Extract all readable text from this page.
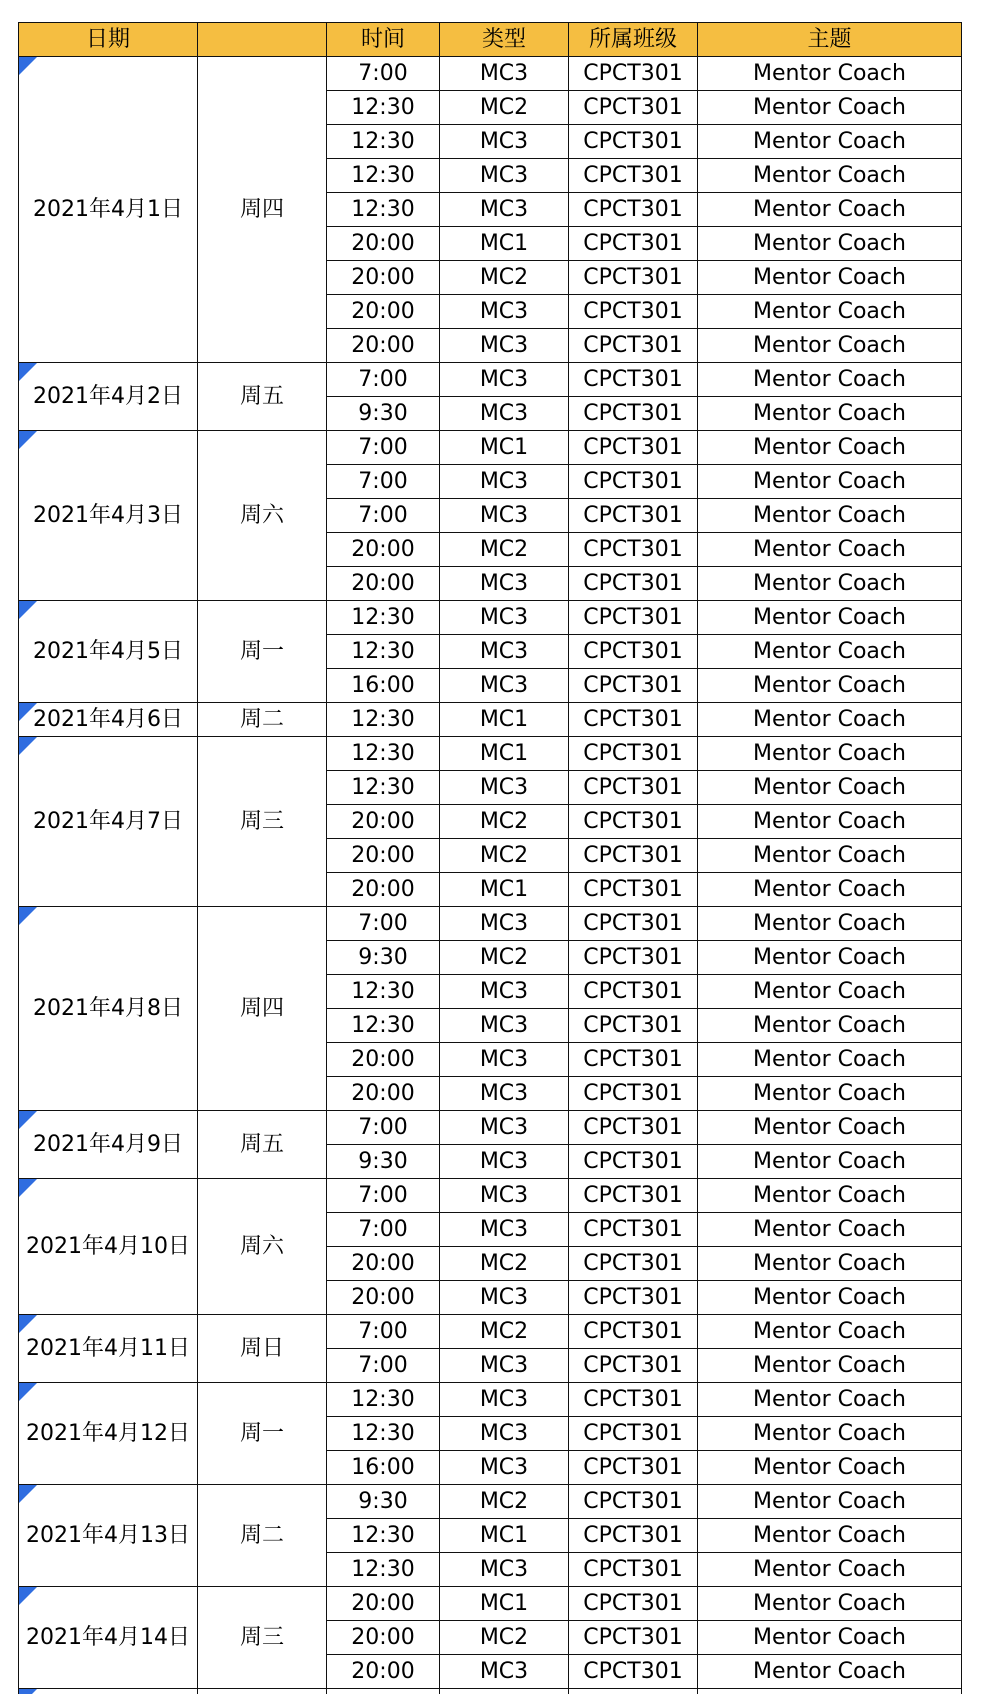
日期		时间	类型	所属班级	主题

2021年4月1日	周四	7:00	MC3	CPCT301	Mentor Coach
		12:30	MC2	CPCT301	Mentor Coach
		12:30	MC3	CPCT301	Mentor Coach
		12:30	MC3	CPCT301	Mentor Coach
		12:30	MC3	CPCT301	Mentor Coach
		20:00	MC1	CPCT301	Mentor Coach
		20:00	MC2	CPCT301	Mentor Coach
		20:00	MC3	CPCT301	Mentor Coach
		20:00	MC3	CPCT301	Mentor Coach

2021年4月2日	周五	7:00	MC3	CPCT301	Mentor Coach
		9:30	MC3	CPCT301	Mentor Coach

2021年4月3日	周六	7:00	MC1	CPCT301	Mentor Coach
		7:00	MC3	CPCT301	Mentor Coach
		7:00	MC3	CPCT301	Mentor Coach
		20:00	MC2	CPCT301	Mentor Coach
		20:00	MC3	CPCT301	Mentor Coach

2021年4月5日	周一	12:30	MC3	CPCT301	Mentor Coach
		12:30	MC3	CPCT301	Mentor Coach
		16:00	MC3	CPCT301	Mentor Coach

2021年4月6日	周二	12:30	MC1	CPCT301	Mentor Coach

2021年4月7日	周三	12:30	MC1	CPCT301	Mentor Coach
		12:30	MC3	CPCT301	Mentor Coach
		20:00	MC2	CPCT301	Mentor Coach
		20:00	MC2	CPCT301	Mentor Coach
		20:00	MC1	CPCT301	Mentor Coach

2021年4月8日	周四	7:00	MC3	CPCT301	Mentor Coach
		9:30	MC2	CPCT301	Mentor Coach
		12:30	MC3	CPCT301	Mentor Coach
		12:30	MC3	CPCT301	Mentor Coach
		20:00	MC3	CPCT301	Mentor Coach
		20:00	MC3	CPCT301	Mentor Coach

2021年4月9日	周五	7:00	MC3	CPCT301	Mentor Coach
		9:30	MC3	CPCT301	Mentor Coach

2021年4月10日	周六	7:00	MC3	CPCT301	Mentor Coach
		7:00	MC3	CPCT301	Mentor Coach
		20:00	MC2	CPCT301	Mentor Coach
		20:00	MC3	CPCT301	Mentor Coach

2021年4月11日	周日	7:00	MC2	CPCT301	Mentor Coach
		7:00	MC3	CPCT301	Mentor Coach

2021年4月12日	周一	12:30	MC3	CPCT301	Mentor Coach
		12:30	MC3	CPCT301	Mentor Coach
		16:00	MC3	CPCT301	Mentor Coach

2021年4月13日	周二	9:30	MC2	CPCT301	Mentor Coach
		12:30	MC1	CPCT301	Mentor Coach
		12:30	MC3	CPCT301	Mentor Coach

2021年4月14日	周三	20:00	MC1	CPCT301	Mentor Coach
		20:00	MC2	CPCT301	Mentor Coach
		20:00	MC3	CPCT301	Mentor Coach
